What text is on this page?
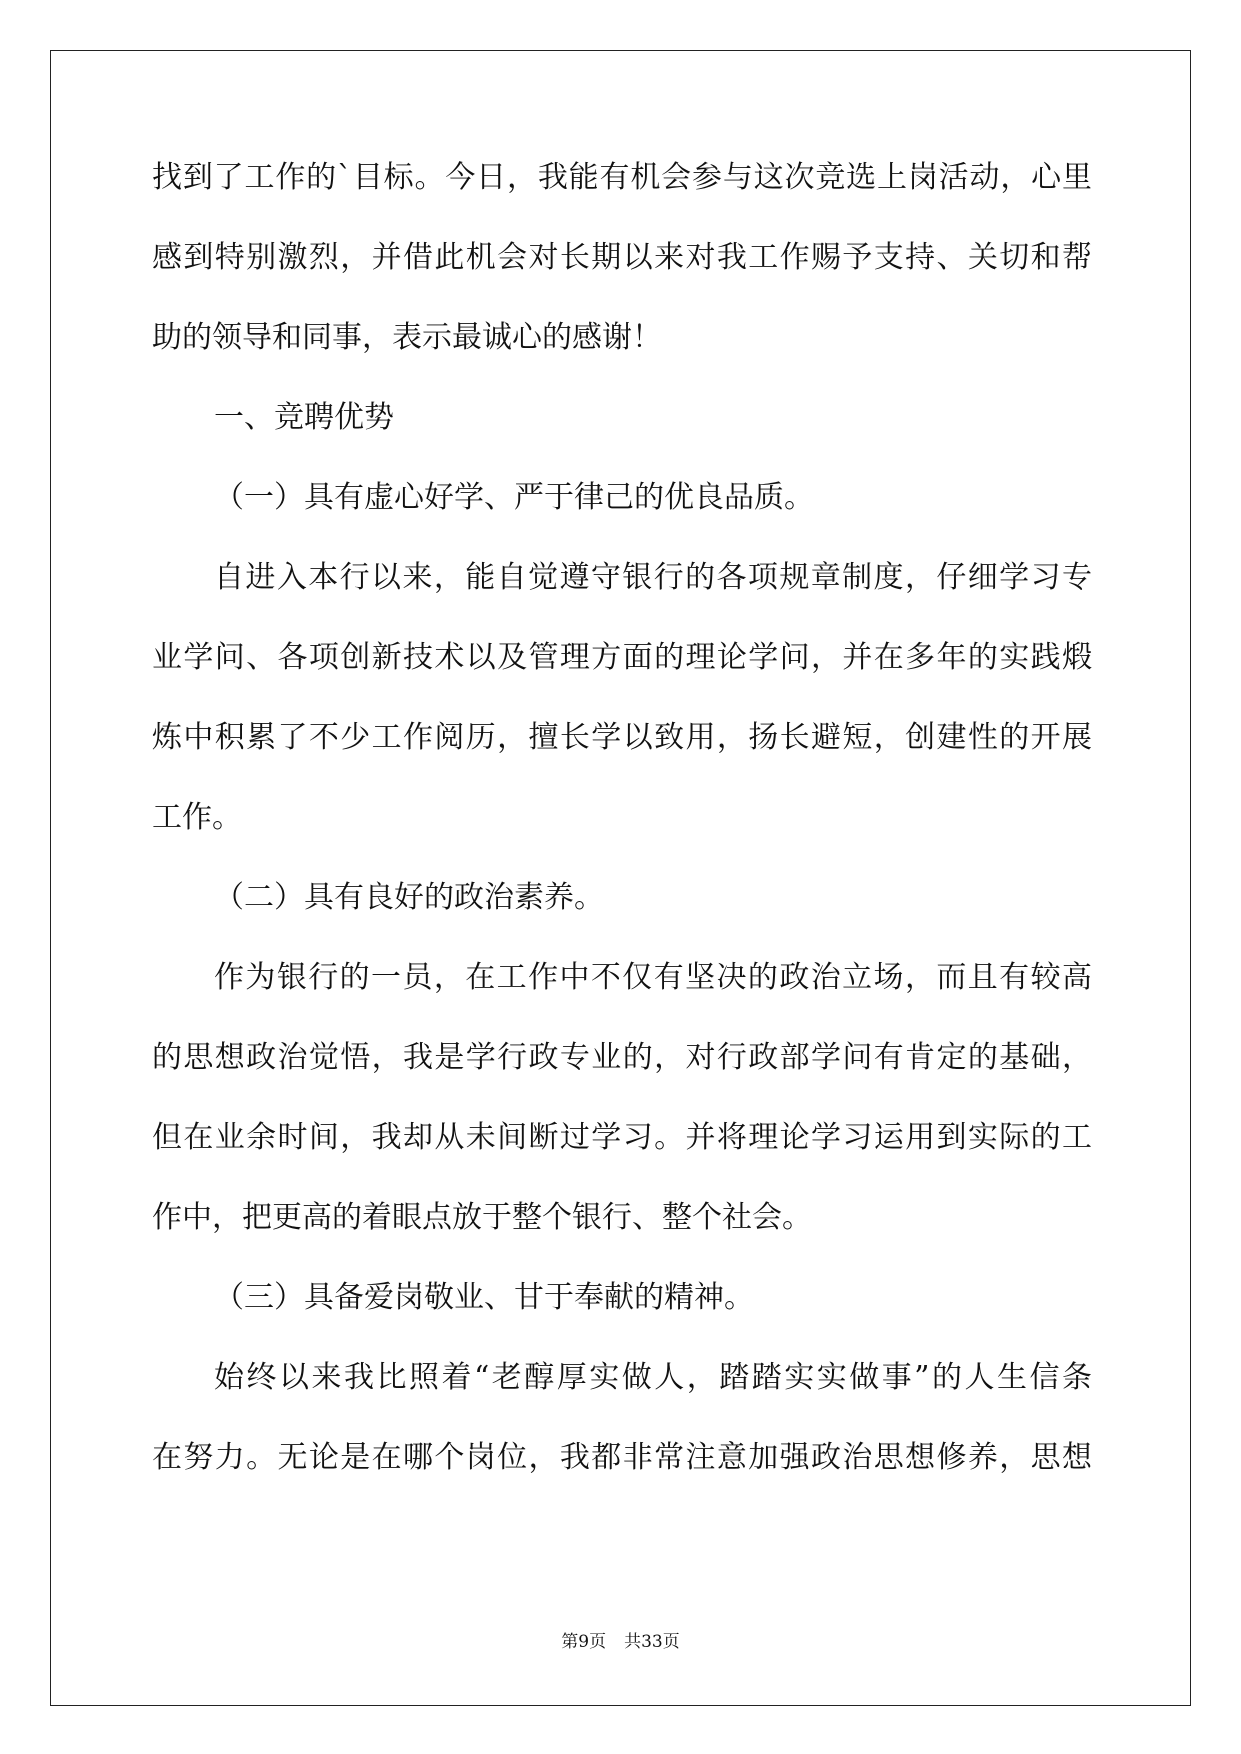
找到了工作的`目标。今日，我能有机会参与这次竞选上岗活动，心里
感到特别激烈，并借此机会对长期以来对我工作赐予支持、关切和帮
助的领导和同事，表示最诚心的感谢！
一、竞聘优势
（一）具有虚心好学、严于律己的优良品质。
自进入本行以来，能自觉遵守银行的各项规章制度，仔细学习专
业学问、各项创新技术以及管理方面的理论学问，并在多年的实践煅
炼中积累了不少工作阅历，擅长学以致用，扬长避短，创建性的开展
工作。
（二）具有良好的政治素养。
作为银行的一员，在工作中不仅有坚决的政治立场，而且有较高
的思想政治觉悟，我是学行政专业的，对行政部学问有肯定的基础，
但在业余时间，我却从未间断过学习。并将理论学习运用到实际的工
作中，把更高的着眼点放于整个银行、整个社会。
（三）具备爱岗敬业、甘于奉献的精神。
始终以来我比照着“老醇厚实做人，踏踏实实做事”的人生信条
在努力。无论是在哪个岗位，我都非常注意加强政治思想修养，思想
第9页 共33页
